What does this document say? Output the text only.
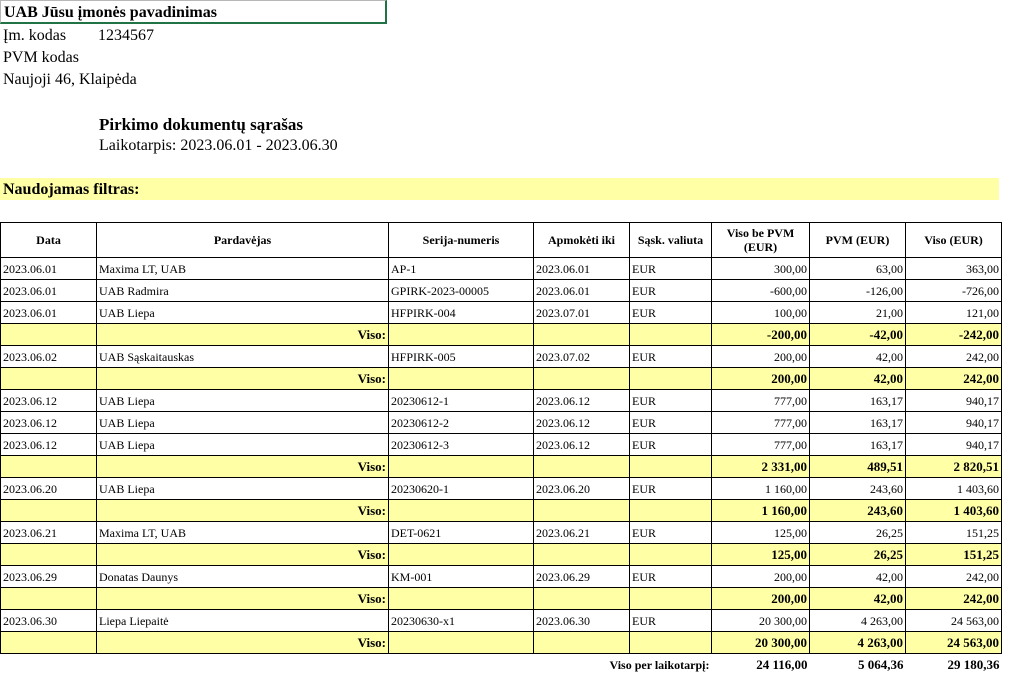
UAB Jūsu įmonės pavadinimas
Įm. kodas 1234567
PVM kodas
Naujoji 46, Klaipėda
Pirkimo dokumentų sąrašas
Laikotarpis: 2023.06.01 - 2023.06.30
Naudojamas filtras:
Data	Pardavėjas	Serija-numeris	Apmokėti iki	Sąsk. valiuta	Viso be PVM (EUR)	PVM (EUR)	Viso (EUR)
2023.06.01	Maxima LT, UAB	AP-1	2023.06.01	EUR	300,00	63,00	363,00
2023.06.01	UAB Radmira	GPIRK-2023-00005	2023.06.01	EUR	-600,00	-126,00	-726,00
2023.06.01	UAB Liepa	HFPIRK-004	2023.07.01	EUR	100,00	21,00	121,00
	Viso:				-200,00	-42,00	-242,00
2023.06.02	UAB Sąskaitauskas	HFPIRK-005	2023.07.02	EUR	200,00	42,00	242,00
	Viso:				200,00	42,00	242,00
2023.06.12	UAB Liepa	20230612-1	2023.06.12	EUR	777,00	163,17	940,17
2023.06.12	UAB Liepa	20230612-2	2023.06.12	EUR	777,00	163,17	940,17
2023.06.12	UAB Liepa	20230612-3	2023.06.12	EUR	777,00	163,17	940,17
	Viso:				2 331,00	489,51	2 820,51
2023.06.20	UAB Liepa	20230620-1	2023.06.20	EUR	1 160,00	243,60	1 403,60
	Viso:				1 160,00	243,60	1 403,60
2023.06.21	Maxima LT, UAB	DET-0621	2023.06.21	EUR	125,00	26,25	151,25
	Viso:				125,00	26,25	151,25
2023.06.29	Donatas Daunys	KM-001	2023.06.29	EUR	200,00	42,00	242,00
	Viso:				200,00	42,00	242,00
2023.06.30	Liepa Liepaitė	20230630-x1	2023.06.30	EUR	20 300,00	4 263,00	24 563,00
	Viso:				20 300,00	4 263,00	24 563,00
Viso per laikotarpį:					24 116,00	5 064,36	29 180,36
